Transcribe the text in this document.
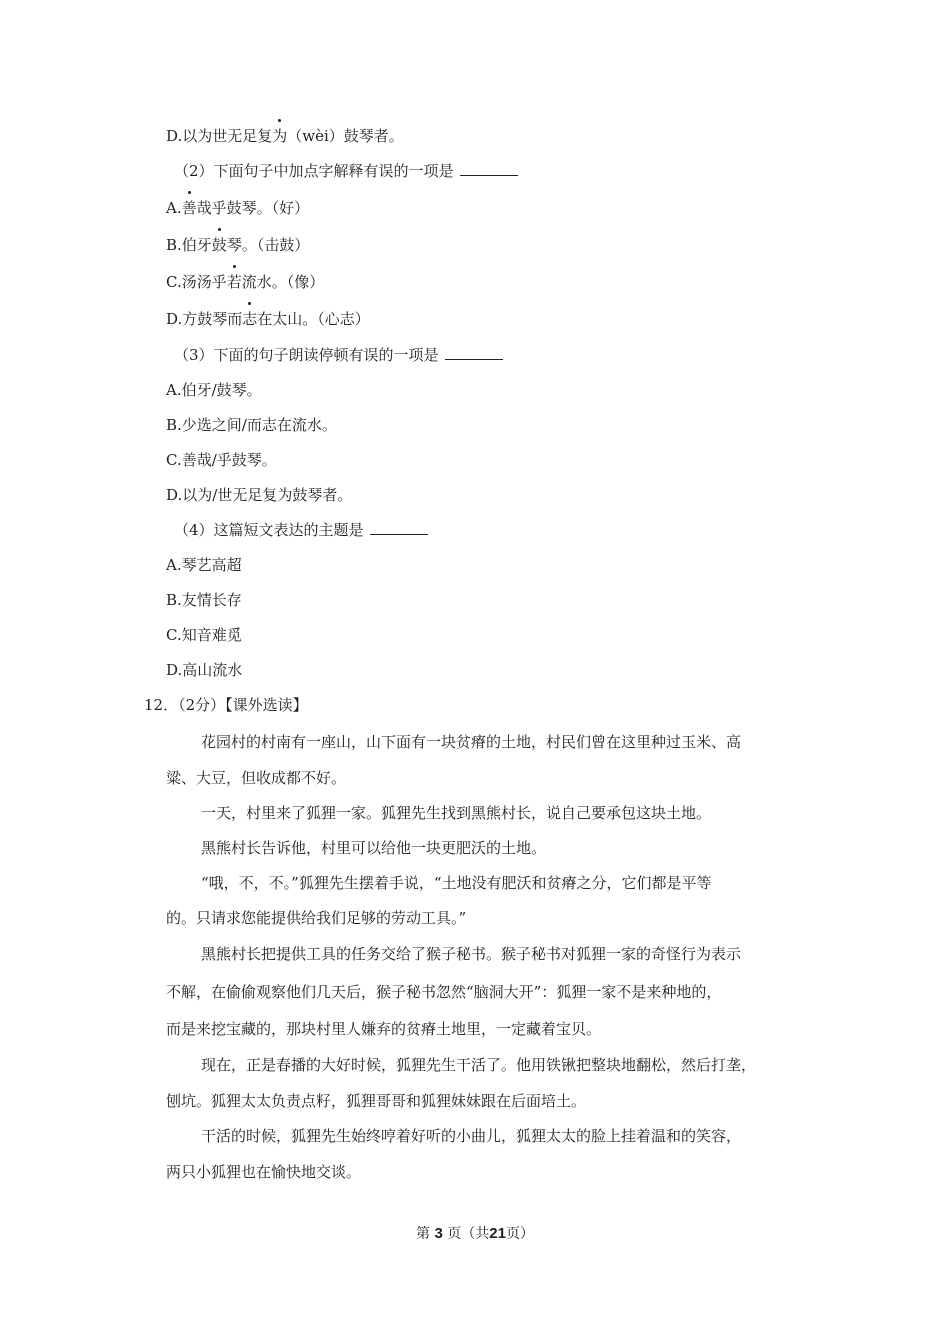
D.以为世无足复为（wèi）鼓琴者。
（2）下面句子中加点字解释有误的一项是
A.善哉乎鼓琴。（好）
B.伯牙鼓琴。（击鼓）
C.汤汤乎若流水。（像）
D.方鼓琴而志在太山。（心志）
（3）下面的句子朗读停顿有误的一项是
A.伯牙/鼓琴。
B.少选之间/而志在流水。
C.善哉/乎鼓琴。
D.以为/世无足复为鼓琴者。
（4）这篇短文表达的主题是
A.琴艺高超
B.友情长存
C.知音难觅
D.高山流水
12．（2分）【课外选读】
花园村的村南有一座山，山下面有一块贫瘠的土地，村民们曾在这里种过玉米、高
粱、大豆，但收成都不好。
一天，村里来了狐狸一家。狐狸先生找到黑熊村长，说自己要承包这块土地。
黑熊村长告诉他，村里可以给他一块更肥沃的土地。
“哦，不，不。”狐狸先生摆着手说，“土地没有肥沃和贫瘠之分，它们都是平等
的。只请求您能提供给我们足够的劳动工具。”
黑熊村长把提供工具的任务交给了猴子秘书。猴子秘书对狐狸一家的奇怪行为表示
不解，在偷偷观察他们几天后，猴子秘书忽然“脑洞大开”：狐狸一家不是来种地的，
而是来挖宝藏的，那块村里人嫌弃的贫瘠土地里，一定藏着宝贝。
现在，正是春播的大好时候，狐狸先生干活了。他用铁锹把整块地翻松，然后打垄，
刨坑。狐狸太太负责点籽，狐狸哥哥和狐狸妹妹跟在后面培土。
干活的时候，狐狸先生始终哼着好听的小曲儿，狐狸太太的脸上挂着温和的笑容，
两只小狐狸也在愉快地交谈。
第 3 页（共21页）
